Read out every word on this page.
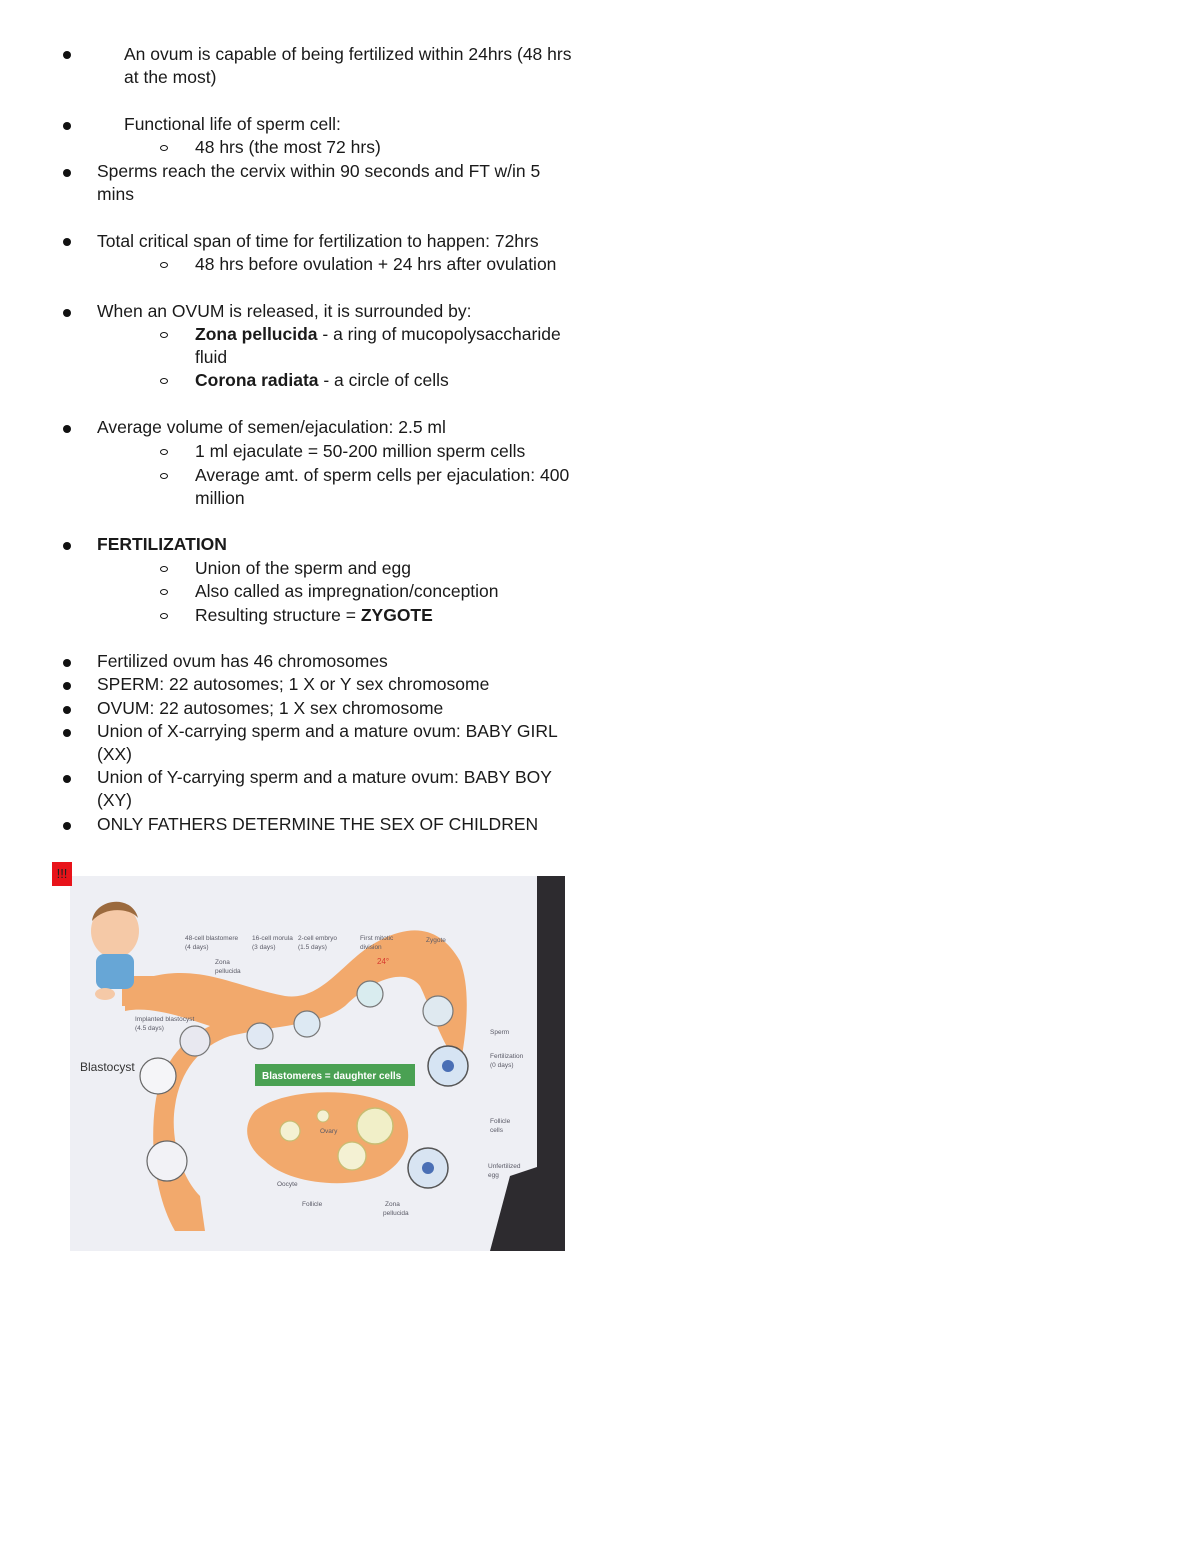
An ovum is capable of being fertilized within 24hrs (48 hrs
at the most)
Functional life of sperm cell:
48 hrs (the most 72 hrs)
Sperms reach the cervix within 90 seconds and FT w/in 5
mins
Total critical span of time for fertilization to happen: 72hrs
48 hrs before ovulation + 24 hrs after ovulation
When an OVUM is released, it is surrounded by:
Zona pellucida - a ring of mucopolysaccharide
fluid
Corona radiata - a circle of cells
Average volume of semen/ejaculation: 2.5 ml
1 ml ejaculate = 50-200 million sperm cells
Average amt. of sperm cells per ejaculation: 400
million
FERTILIZATION
Union of the sperm and egg
Also called as impregnation/conception
Resulting structure = ZYGOTE
Fertilized ovum has 46 chromosomes
SPERM: 22 autosomes; 1 X or Y sex chromosome
OVUM: 22 autosomes; 1 X sex chromosome
Union of X-carrying sperm and a mature ovum: BABY GIRL
(XX)
Union of Y-carrying sperm and a mature ovum: BABY BOY
(XY)
ONLY FATHERS DETERMINE THE SEX OF CHILDREN
Blastomeres = daughter cells
Blastocyst
24°
Zygote
Sperm
Fertilization
(0 days)
Ovary
Oocyte
Follicle	Zona
pellucida
Follicle
cells
Unfertilized
egg
16-cell morula
(3 days)
2-cell embryo
(1.5 days)
First mitotic
division
48-cell blastomere
(4 days)
Zona
pellucida
Implanted blastocyst
(4.5 days)
!!!
